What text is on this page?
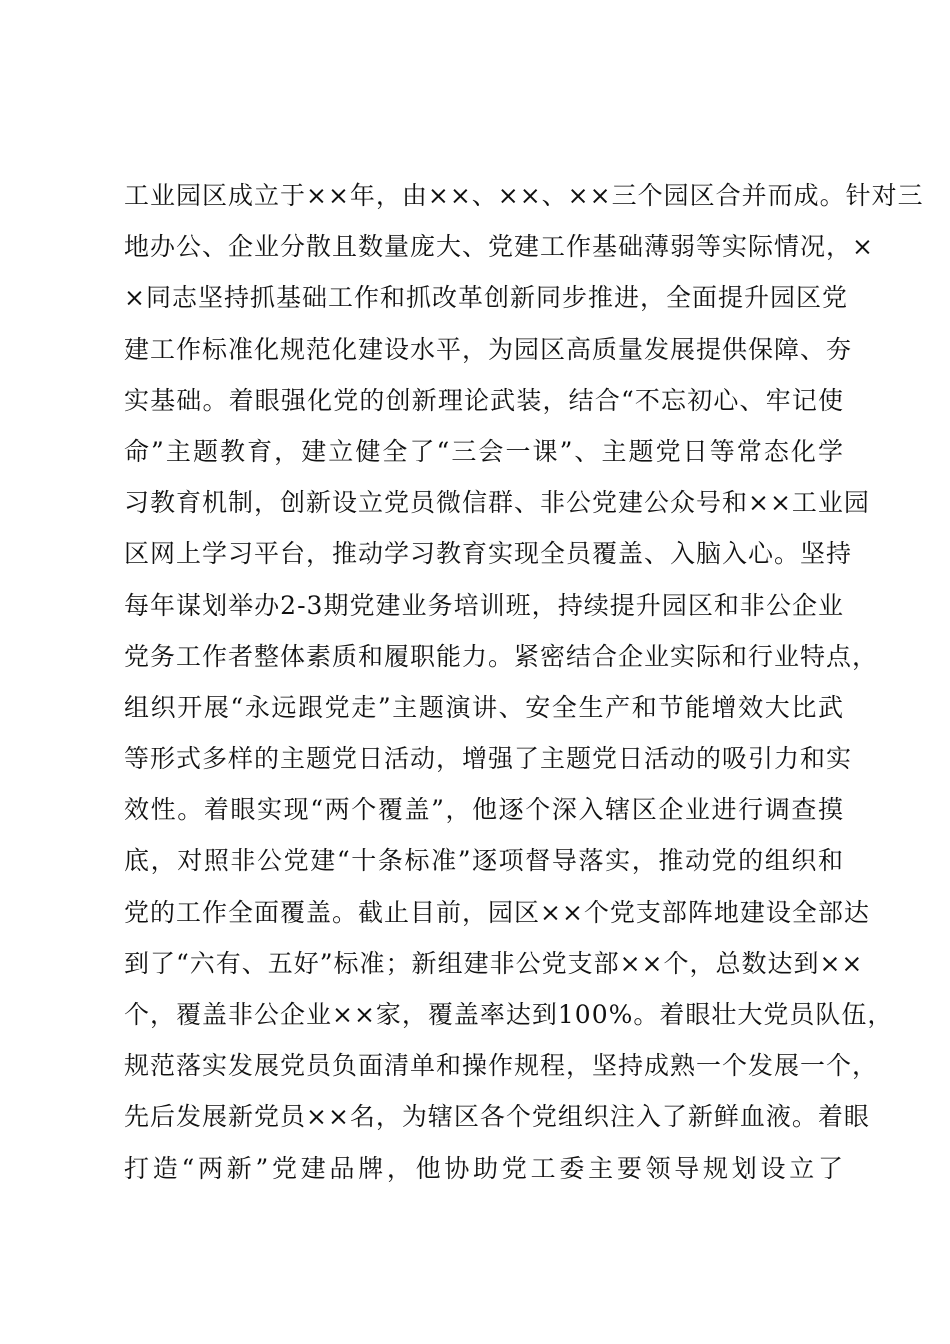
工业园区成立于××年，由××、××、××三个园区合并而成。针对三
地办公、企业分散且数量庞大、党建工作基础薄弱等实际情况，×
×同志坚持抓基础工作和抓改革创新同步推进，全面提升园区党
建工作标准化规范化建设水平，为园区高质量发展提供保障、夯
实基础。着眼强化党的创新理论武装，结合“不忘初心、牢记使
命”主题教育，建立健全了“三会一课”、主题党日等常态化学
习教育机制，创新设立党员微信群、非公党建公众号和××工业园
区网上学习平台，推动学习教育实现全员覆盖、入脑入心。坚持
每年谋划举办2-3期党建业务培训班，持续提升园区和非公企业
党务工作者整体素质和履职能力。紧密结合企业实际和行业特点，
组织开展“永远跟党走”主题演讲、安全生产和节能增效大比武
等形式多样的主题党日活动，增强了主题党日活动的吸引力和实
效性。着眼实现“两个覆盖”，他逐个深入辖区企业进行调查摸
底，对照非公党建“十条标准”逐项督导落实，推动党的组织和
党的工作全面覆盖。截止目前，园区××个党支部阵地建设全部达
到了“六有、五好”标准；新组建非公党支部××个，总数达到××
个，覆盖非公企业××家，覆盖率达到100%。着眼壮大党员队伍，
规范落实发展党员负面清单和操作规程，坚持成熟一个发展一个，
先后发展新党员××名，为辖区各个党组织注入了新鲜血液。着眼
打造“两新”党建品牌，他协助党工委主要领导规划设立了
